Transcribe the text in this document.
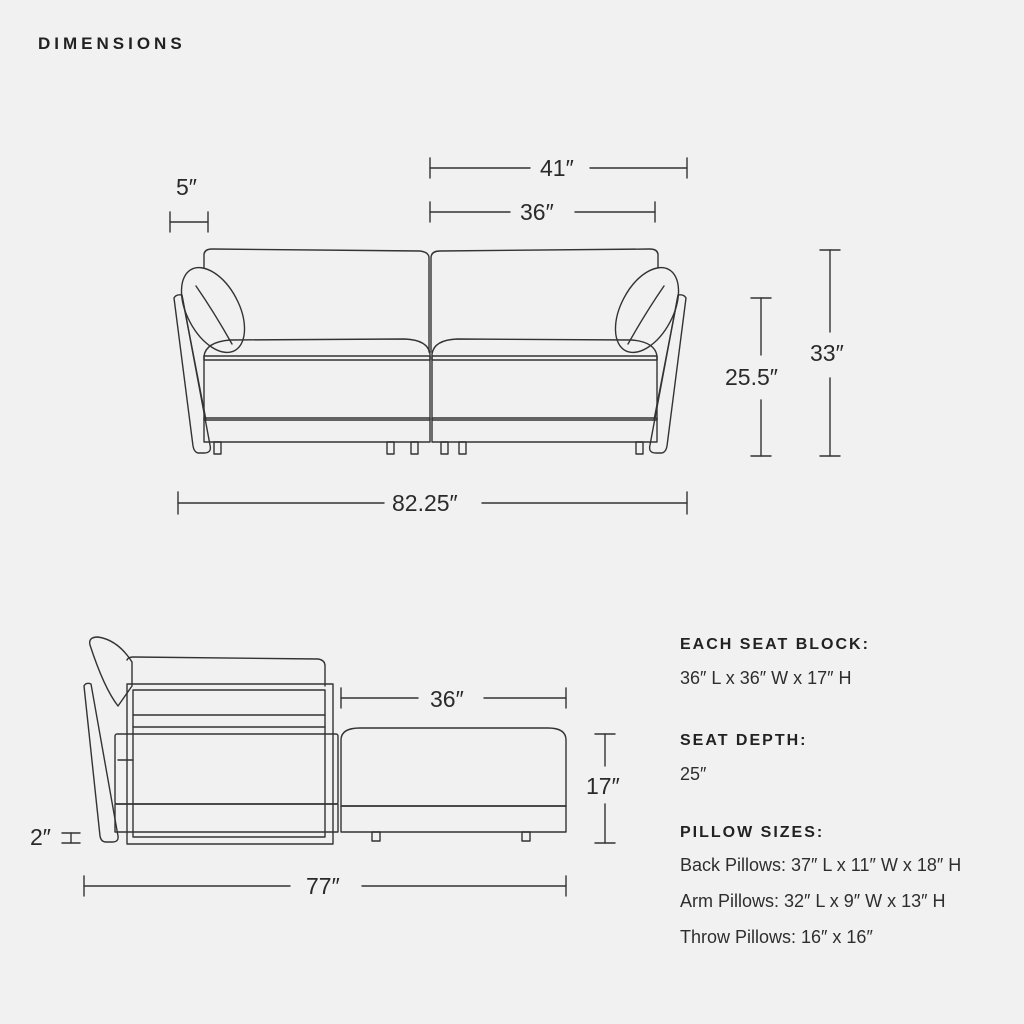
DIMENSIONS
5″
41″
36″
25.5″
33″
82.25″
36″
17″
2″
77″

EACH SEAT BLOCK:

36″ L x 36″ W x 17″ H

SEAT DEPTH:

25″

PILLOW SIZES:

Back Pillows: 37″ L x 11″ W x 18″ H

Arm Pillows: 32″ L x 9″ W x 13″ H

Throw Pillows: 16″ x 16″
